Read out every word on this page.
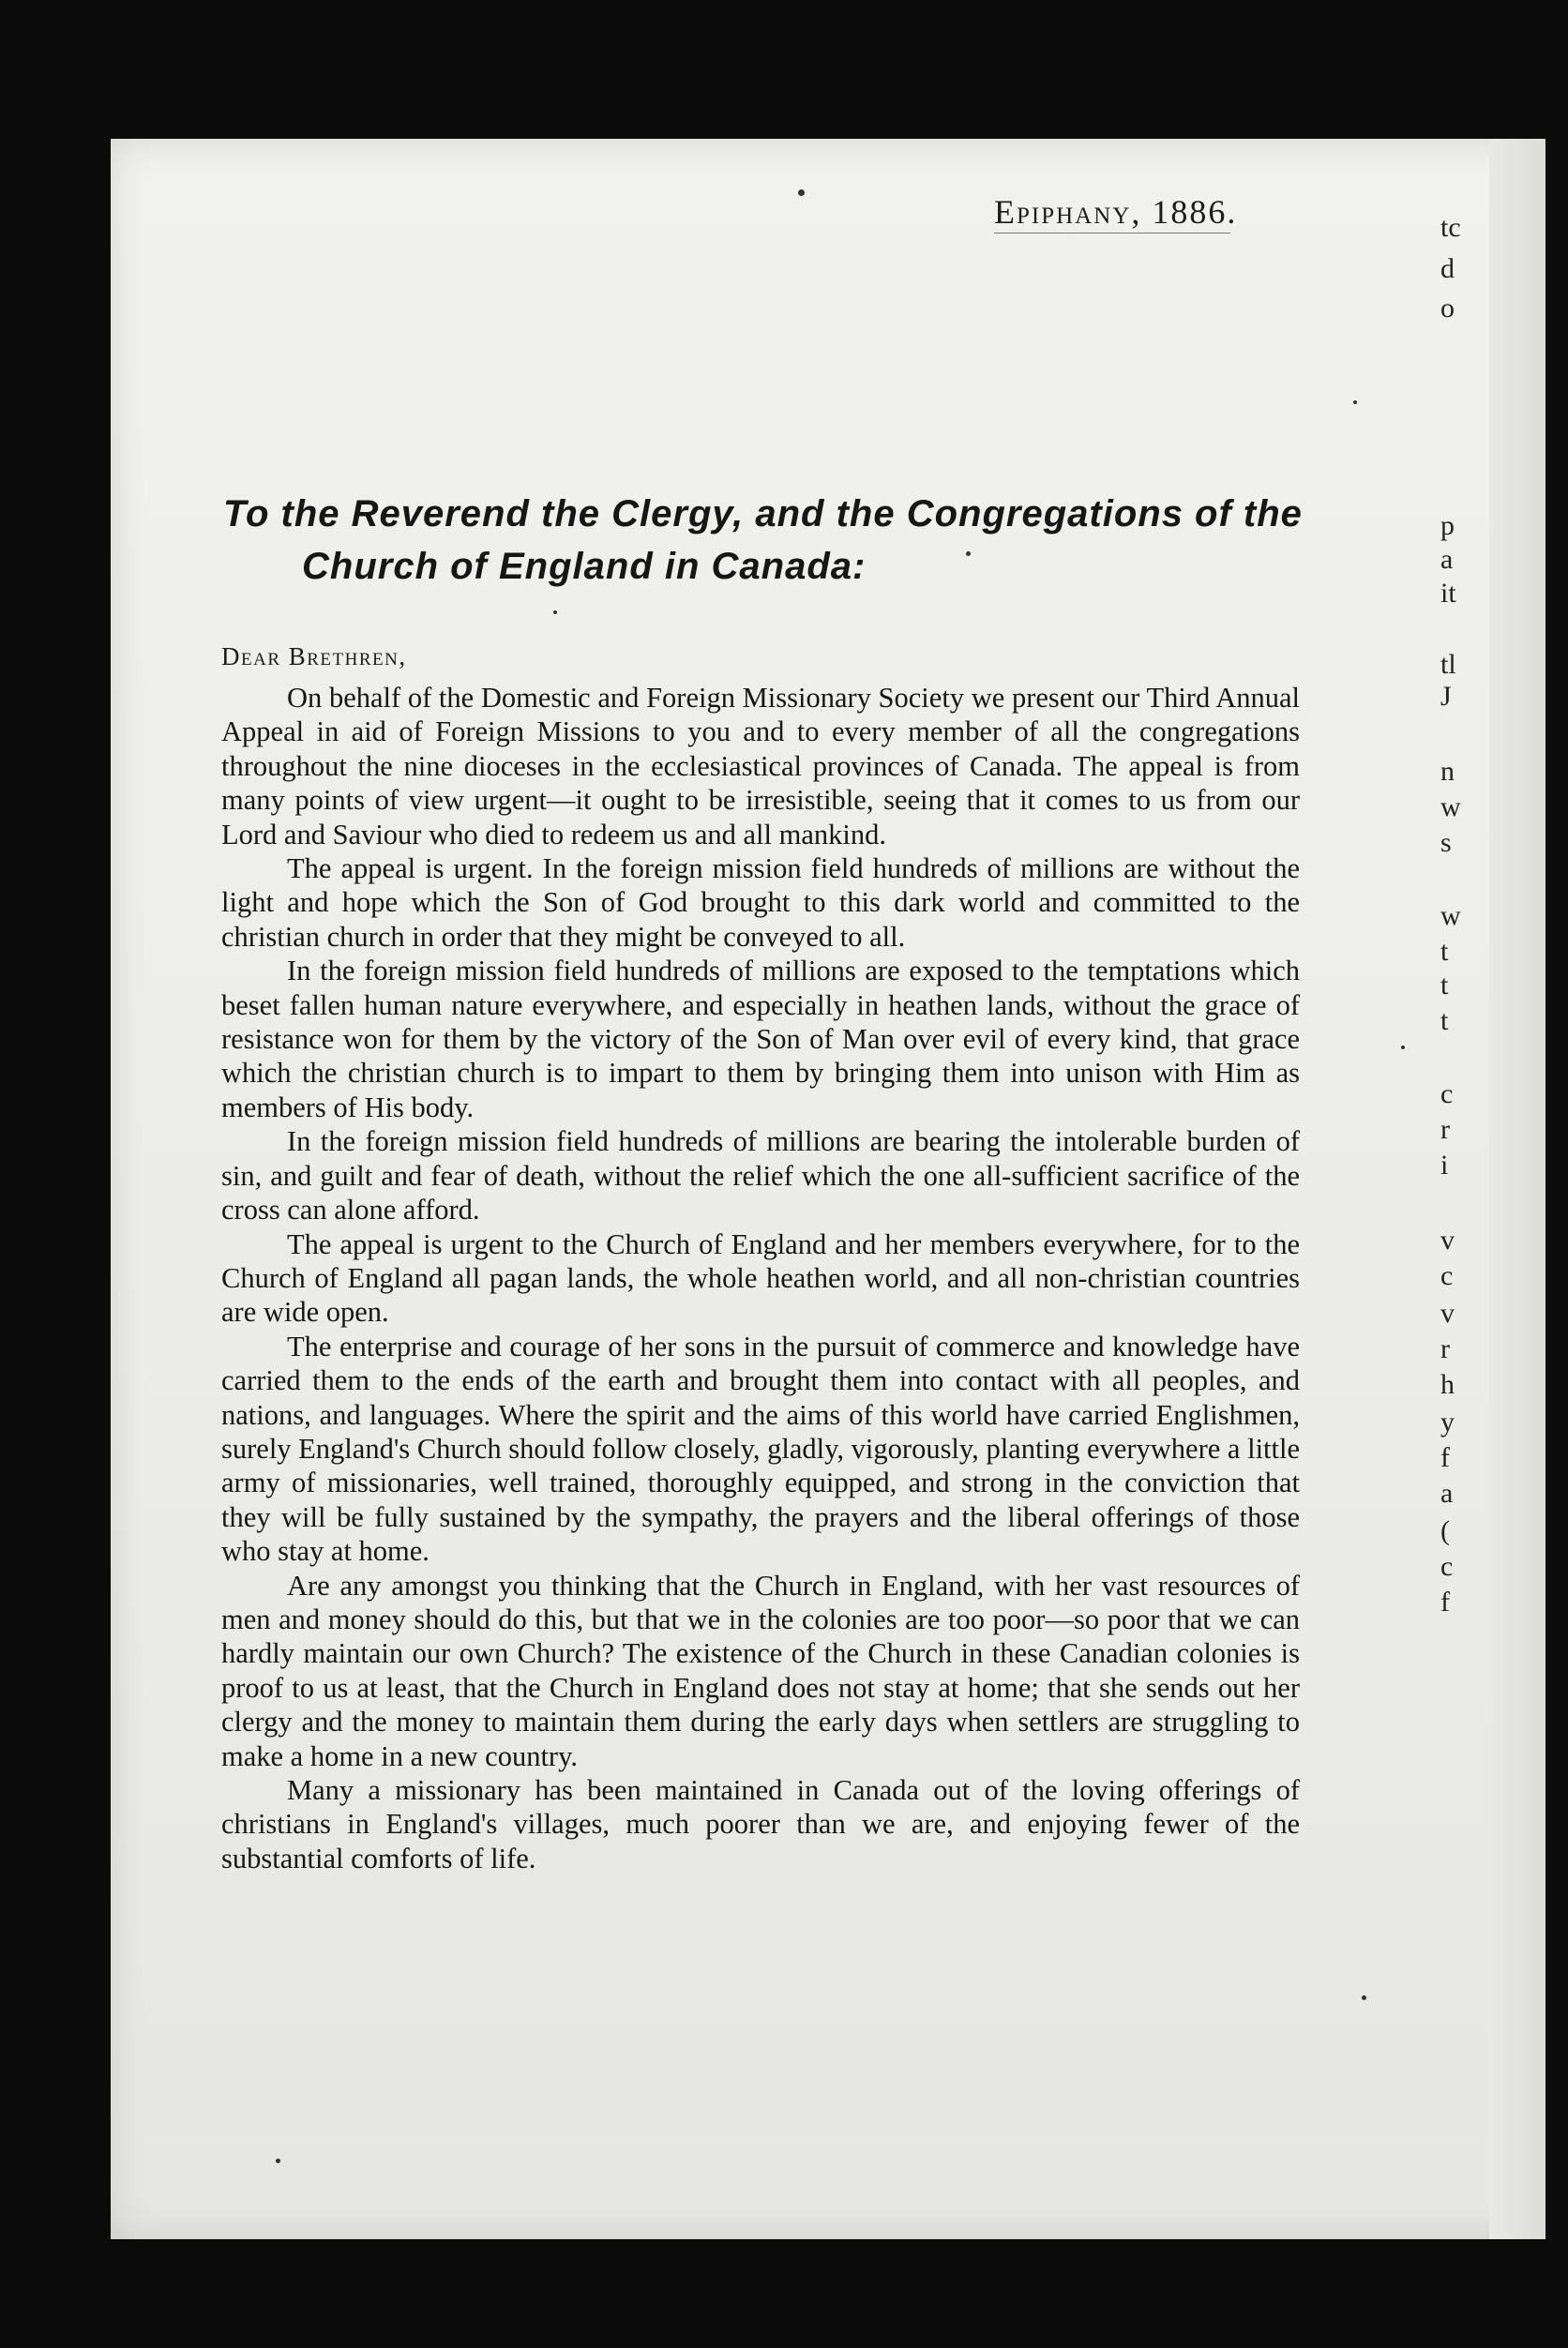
tc
d
o
p
a
it
tl
J
n
w
s
w
t
t
t
c
r
i
v
c
v
r
h
y
f
a
(
c
f
Epiphany, 1886.
To the Reverend the Clergy, and the Congregations of the
Church of England in Canada:
Dear Brethren,

On behalf of the Domestic and Foreign Missionary Society we present our Third Annual Appeal in aid of Foreign Missions to you and to every member of all the congregations throughout the nine dioceses in the ecclesiastical provinces of Canada. The appeal is from many points of view urgent—it ought to be irresistible, seeing that it comes to us from our Lord and Saviour who died to redeem us and all mankind.

The appeal is urgent. In the foreign mission field hundreds of millions are without the light and hope which the Son of God brought to this dark world and committed to the christian church in order that they might be conveyed to all.

In the foreign mission field hundreds of millions are exposed to the temptations which beset fallen human nature everywhere, and especially in heathen lands, without the grace of resistance won for them by the victory of the Son of Man over evil of every kind, that grace which the christian church is to impart to them by bringing them into unison with Him as members of His body.

In the foreign mission field hundreds of millions are bearing the intolerable burden of sin, and guilt and fear of death, without the relief which the one all-sufficient sacrifice of the cross can alone afford.

The appeal is urgent to the Church of England and her members everywhere, for to the Church of England all pagan lands, the whole heathen world, and all non-christian countries are wide open.

The enterprise and courage of her sons in the pursuit of commerce and knowledge have carried them to the ends of the earth and brought them into contact with all peoples, and nations, and languages. Where the spirit and the aims of this world have carried Englishmen, surely England's Church should follow closely, gladly, vigorously, planting everywhere a little army of missionaries, well trained, thoroughly equipped, and strong in the conviction that they will be fully sustained by the sympathy, the prayers and the liberal offerings of those who stay at home.

Are any amongst you thinking that the Church in England, with her vast resources of men and money should do this, but that we in the colonies are too poor—so poor that we can hardly maintain our own Church? The existence of the Church in these Canadian colonies is proof to us at least, that the Church in England does not stay at home; that she sends out her clergy and the money to maintain them during the early days when settlers are struggling to make a home in a new country.

Many a missionary has been maintained in Canada out of the loving offerings of christians in England's villages, much poorer than we are, and enjoying fewer of the substantial comforts of life.
